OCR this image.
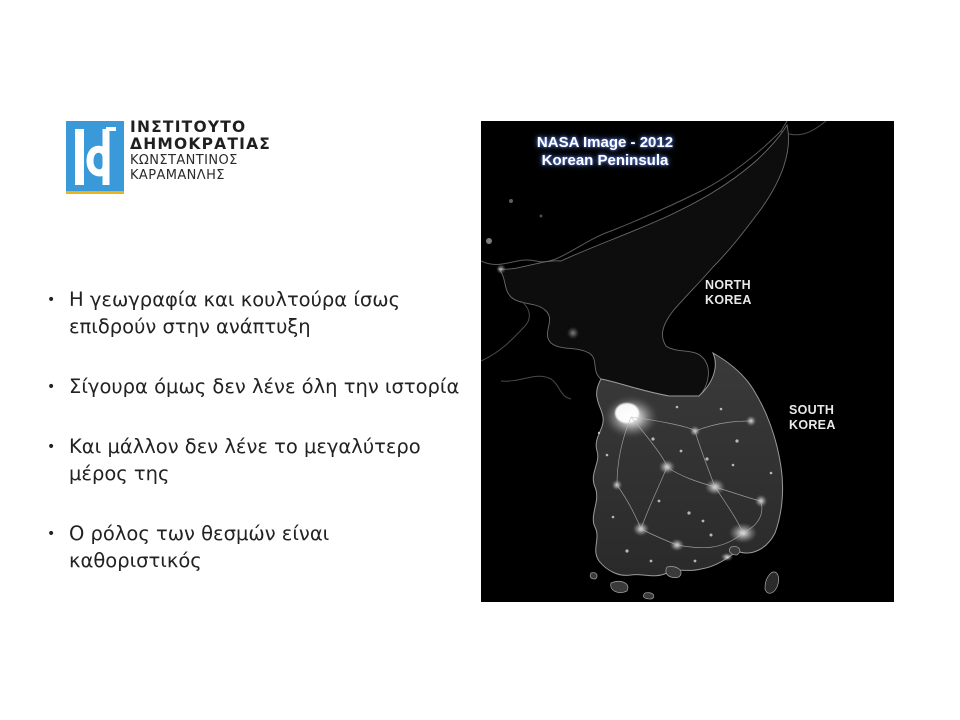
ΙΝΣΤΙΤΟΥΤΟ
ΔΗΜΟΚΡΑΤΙΑΣ
ΚΩΝΣΤΑΝΤΙΝΟΣ
ΚΑΡΑΜΑΝΛΗΣ
• Η γεωγραφία και κουλτούρα ίσως επιδρούν στην ανάπτυξη
• Σίγουρα όμως δεν λένε όλη την ιστορία
• Και μάλλον δεν λένε το μεγαλύτερο μέρος της
• Ο ρόλος των θεσμών είναι καθοριστικός
NASA Image - 2012
Korean Peninsula
NORTH
KOREA
SOUTH
KOREA
